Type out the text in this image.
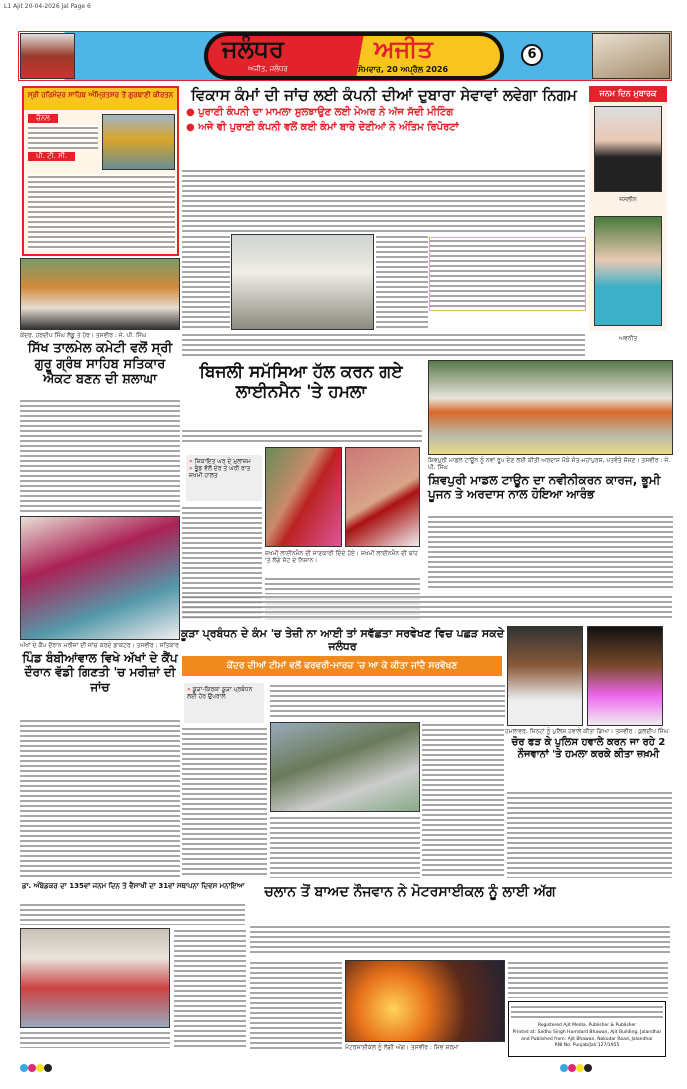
L1 Ajit 20-04-2026 Jal Page 6
ਜਲੰਧਰ	ਅਜੀਤ
ਅਜੀਤ, ਜਲੰਧਰ	ਸੋਮਵਾਰ, 20 ਅਪ੍ਰੈਲ 2026
6
ਸ੍ਰੀ ਹਰਿਮੰਦਰ ਸਾਹਿਬ ਅੰਮ੍ਰਿਤਸਰ ਤੋਂ ਗੁਰਬਾਣੀ ਕੀਰਤਨ
ਚੈਨਲ
ਪੀ. ਟੀ. ਸੀ.
ਕੇਂਦਰ. ਹਰਦੀਪ ਸਿੰਘ ਲੱਡੂ ਤੇ ਹੋਰ। ਤਸਵੀਰ : ਜੇ. ਪੀ. ਸਿੰਘ
ਸਿੱਖ ਤਾਲਮੇਲ ਕਮੇਟੀ ਵਲੋਂ ਸ੍ਰੀ ਗੁਰੂ ਗ੍ਰੰਥ ਸਾਹਿਬ ਸਤਿਕਾਰ ਐਕਟ ਬਣਨ ਦੀ ਸ਼ਲਾਘਾ
ਅੱਖਾਂ ਦੇ ਕੈਂਪ ਦੌਰਾਨ ਮਰੀਜ਼ਾਂ ਦੀ ਜਾਂਚ ਕਰਦੇ ਡਾਕਟਰ। ਤਸਵੀਰ : ਸਤਿਕਾਰ
ਪਿੰਡ ਬੰਬੀਆਂਵਾਲ ਵਿਖੇ ਅੱਖਾਂ ਦੇ ਕੈਂਪ ਦੌਰਾਨ ਵੱਡੀ ਗਿਣਤੀ 'ਚ ਮਰੀਜ਼ਾਂ ਦੀ ਜਾਂਚ
ਵਿਕਾਸ ਕੰਮਾਂ ਦੀ ਜਾਂਚ ਲਈ ਕੰਪਨੀ ਦੀਆਂ ਦੁਬਾਰਾ ਸੇਵਾਵਾਂ ਲਵੇਗਾ ਨਿਗਮ
● ਪੁਰਾਣੀ ਕੰਪਨੀ ਦਾ ਮਾਮਲਾ ਸੁਲਝਾਉਣ ਲਈ ਮੇਅਰ ਨੇ ਅੱਜ ਸੱਦੀ ਮੀਟਿੰਗ
● ਅਜੇ ਵੀ ਪੁਰਾਣੀ ਕੰਪਨੀ ਵਲੋਂ ਕਈ ਕੰਮਾਂ ਬਾਰੇ ਦੇਣੀਆਂ ਨੇ ਅੰਤਿਮ ਰਿਪੋਰਟਾਂ
ਜਨਮ ਦਿਨ ਮੁਬਾਰਕ
ਜਸਲੀਨ
ਅਵਨੀਤ
ਬਿਜਲੀ ਸਮੱਸਿਆ ਹੱਲ ਕਰਨ ਗਏ ਲਾਈਨਮੈਨ 'ਤੇ ਹਮਲਾ
» ਸ਼ਿਕਾਇਤ ਘਰ ਦੇ ਮੁਲਾਜ਼ਮ
» ਭੂੰਡ ਵੱਲੋਂ ਦੇਰ ਤੇ ਘੇਰੀ ਰਾਤ ਜ਼ਖਮੀ ਹਾਲਤ
ਜ਼ਖਮੀ ਲਾਈਨਮੈਨ ਦੀ ਜਾਣਕਾਰੀ ਦਿੰਦੇ ਹੋਏ। ਜ਼ਖਮੀ ਲਾਈਨਮੈਨ ਦੀ ਬਾਂਹ 'ਤੇ ਲੱਗੇ ਸੱਟ ਦੇ ਨਿਸ਼ਾਨ।
ਸ਼ਿਵਪੁਰੀ ਮਾਡਲ ਟਾਊਨ ਨੂੰ ਨਵਾਂ ਰੂਪ ਦੇਣ ਲਈ ਕੀਤੀ ਅਰਦਾਸ ਮੌਕੇ ਸੰਤ-ਮਹਾਂਪੁਰਸ਼, ਪਤਵੰਤੇ ਸੱਜਣ। ਤਸਵੀਰ : ਜੇ. ਪੀ. ਸਿੰਘ
ਸ਼ਿਵਪੁਰੀ ਮਾਡਲ ਟਾਊਨ ਦਾ ਨਵੀਨੀਕਰਨ ਕਾਰਜ, ਭੂਮੀ ਪੂਜਨ ਤੇ ਅਰਦਾਸ ਨਾਲ ਹੋਇਆ ਆਰੰਭ
ਕੂੜਾ ਪ੍ਰਬੰਧਨ ਦੇ ਕੰਮ 'ਚ ਤੇਜ਼ੀ ਨਾ ਆਈ ਤਾਂ ਸਵੱਛਤਾ ਸਰਵੇਖਣ ਵਿਚ ਪਛੜ ਸਕਦੇ ਜਲੰਧਰ
ਕੇਂਦਰ ਦੀਆਂ ਟੀਮਾਂ ਵਲੋਂ ਫਰਵਰੀ-ਮਾਰਚ 'ਚ ਆ ਕੇ ਕੀਤਾ ਜਾਂਦੈ ਸਰਵੇਖਣ
» ਕੂੜਾ-ਕਿਰਕਾ ਕੂੜਾ ਪ੍ਰਬੰਧਨ ਲਈ ਹੋਰ ਉਪਰਾਲੇ
ਹਮਲਾਵਰ, ਜਿਨ੍ਹਾਂ ਨੂੰ ਪੁਲਿਸ ਹਵਾਲੇ ਕੀਤਾ ਗਿਆ। ਤਸਵੀਰ : ਕੁਲਦੀਪ ਸਿੰਘ
ਚੋਰ ਫੜ ਕੇ ਪੁਲਿਸ ਹਵਾਲੇ ਕਰਨ ਜਾ ਰਹੇ 2 ਨੌਜਵਾਨਾਂ 'ਤੇ ਹਮਲਾ ਕਰਕੇ ਕੀਤਾ ਜ਼ਖ਼ਮੀ
ਡਾ. ਅੰਬੇਡਕਰ ਦਾ 135ਵਾਂ ਜਨਮ ਦਿਨ ਤੇ ਵੈਸਾਖੀ ਦਾ 31ਵਾਂ ਸਥਾਪਨਾ ਦਿਵਸ ਮਨਾਇਆ	ਚਲਾਨ ਤੋਂ ਬਾਅਦ ਨੌਜਵਾਨ ਨੇ ਮੋਟਰਸਾਈਕਲ ਨੂੰ ਲਾਈ ਅੱਗ
ਮੋਟਰਸਾਈਕਲ ਨੂੰ ਲੱਗੀ ਅੱਗ। ਤਸਵੀਰ : ਸ਼ਿਵ ਸ਼ਰਮਾ
Registered Ajit Media, Publisher & Publisher
Printed at: Sadhu Singh Hamdard Bhawan, Ajit Building, Jalandhar
and Published from: Ajit Bhawan, Nakodar Road, Jalandhar
RNI No. Punjab/Jal/ 127/1955
